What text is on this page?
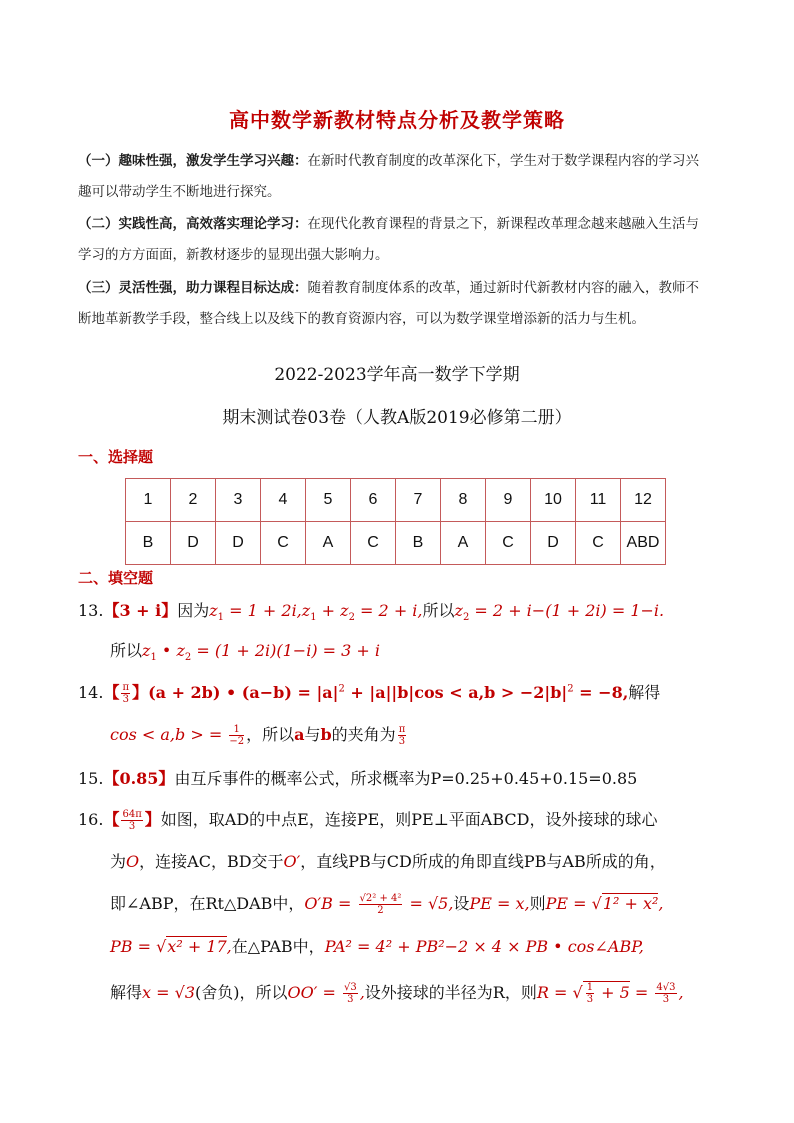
高中数学新教材特点分析及教学策略
（一）趣味性强，激发学生学习兴趣：在新时代教育制度的改革深化下，学生对于数学课程内容的学习兴
趣可以带动学生不断地进行探究。
（二）实践性高，高效落实理论学习：在现代化教育课程的背景之下，新课程改革理念越来越融入生活与
学习的方方面面，新教材逐步的显现出强大影响力。
（三）灵活性强，助力课程目标达成：随着教育制度体系的改革，通过新时代新教材内容的融入，教师不
断地革新教学手段，整合线上以及线下的教育资源内容，可以为数学课堂增添新的活力与生机。
2022-2023学年高一数学下学期
期末测试卷03卷（人教A版2019必修第二册）
一、选择题
1	2	3	4	5	6	7	8	9	10	11	12
B	D	D	C	A	C	B	A	C	D	C	ABD
二、填空题
13.【3 + i】因为$z_1 = 1 + 2i,z_1 + z_2 = 2 + i$,所以$z_2 = 2 + i-(1 + 2i) = 1-i$.
所以$z_1$ • $z_2 = (1 + 2i)(1-i) = 3 + i$
14.【 $\frac{\pi}{3}$ 】(a + 2b) • $(a-b) = |a|^2 + |a||b|\cos < a,b > -2|b|^2 = -8$,解得
cos < a,b > = $\frac{1}{-2}$ ，所以a与b的夹角为 $\frac{\pi}{3}$
15.【0.85】由互斥事件的概率公式，所求概率为P=0.25+0.45+0.15=0.85
16.【 $\frac{64\pi}{3}$ 】如图，取AD的中点E，连接PE，则PE⊥平面ABCD，设外接球的球心
为O，连接AC，BD交于O′，直线PB与CD所成的角即直线PB与AB所成的角，
即∠ABP，在Rt△DAB中，$O'B = \frac{\text{√2² + 4²}}{2} = √5$,设PE = x,则PE = √1² + x²,
PB = √x² + 17,在△PAB中，PA² = 4² + PB²−2 × 4 × PB • cos∠ABP,
解得x = √3(舍负)，所以$OO' = \frac{√3}{3}$ ,设外接球的半径为R，则R = √ $\frac{1}{3} + 5 = \frac{4√3}{3}$ ,
